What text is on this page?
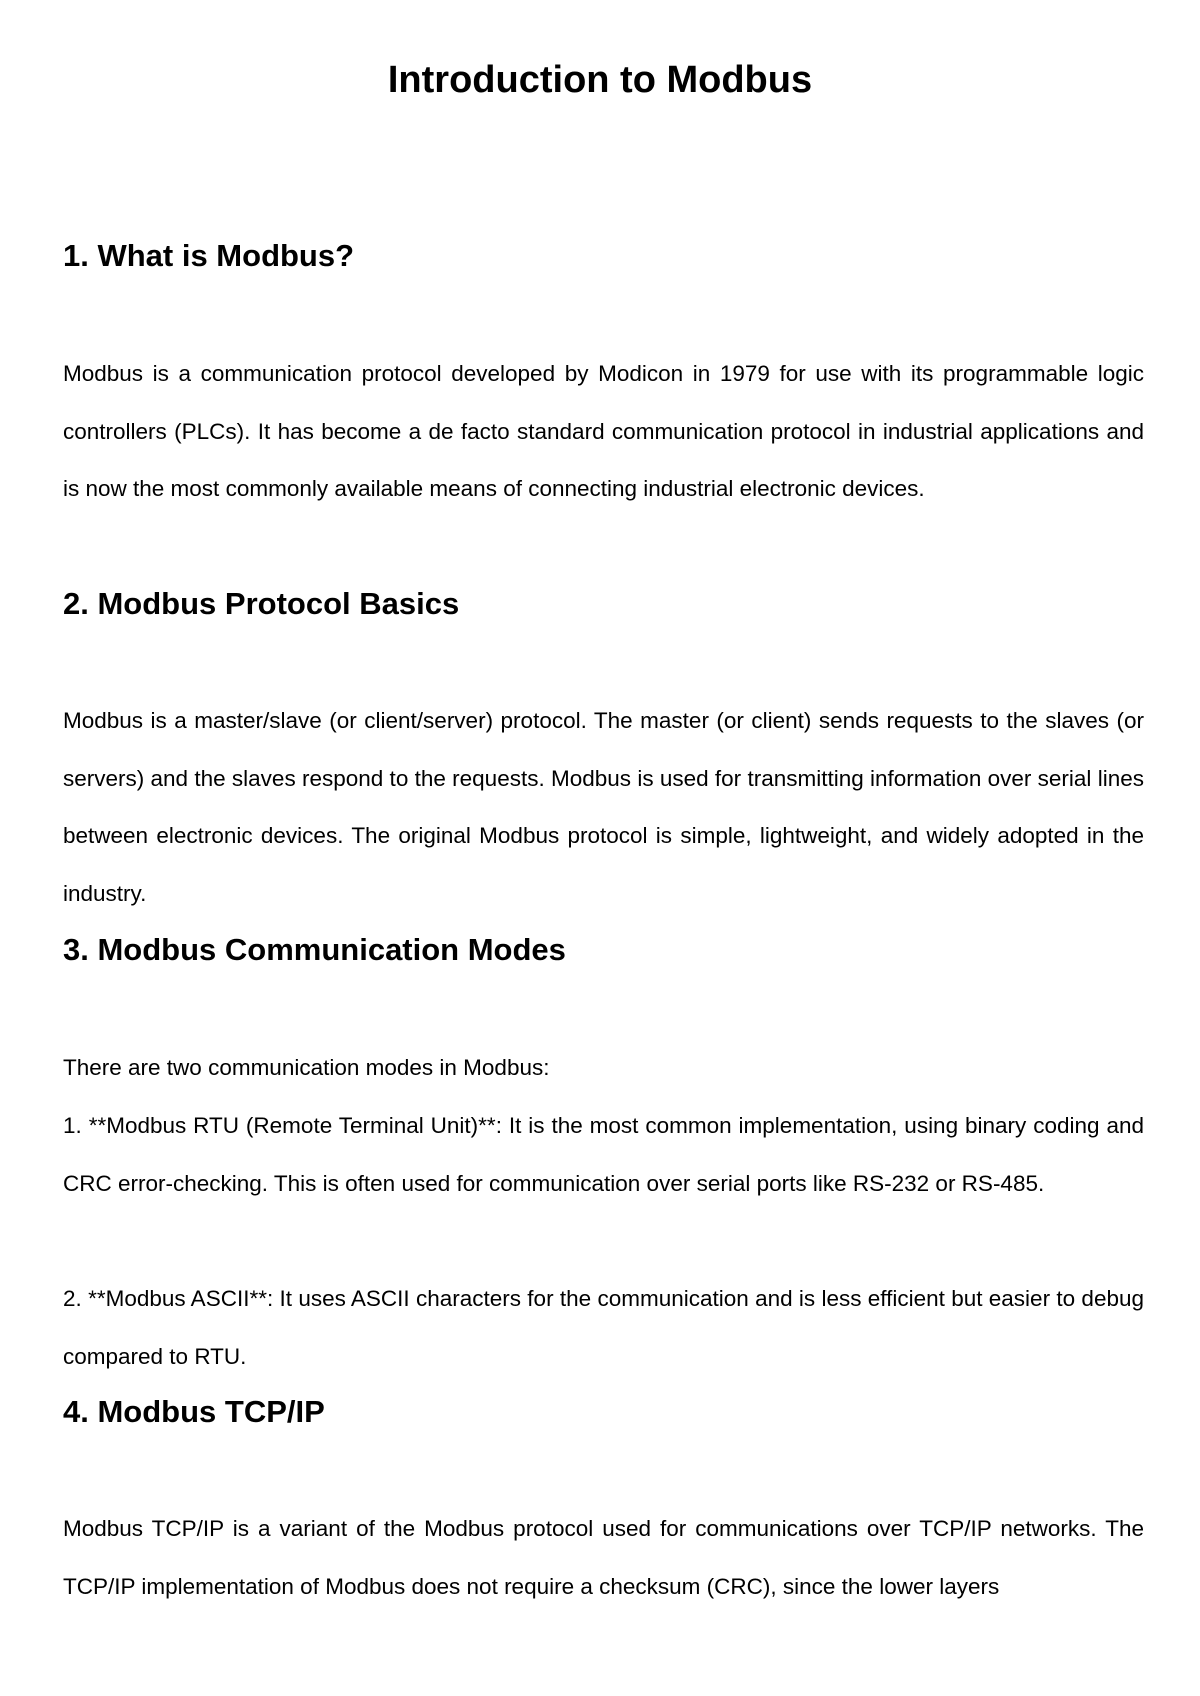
Introduction to Modbus
1. What is Modbus?

Modbus is a communication protocol developed by Modicon in 1979 for use with its programmable logic controllers (PLCs). It has become a de facto standard communication protocol in industrial applications and is now the most commonly available means of connecting industrial electronic devices.

2. Modbus Protocol Basics

Modbus is a master/slave (or client/server) protocol. The master (or client) sends requests to the slaves (or servers) and the slaves respond to the requests. Modbus is used for transmitting information over serial lines between electronic devices. The original Modbus protocol is simple, lightweight, and widely adopted in the industry.

3. Modbus Communication Modes

There are two communication modes in Modbus:

1. **Modbus RTU (Remote Terminal Unit)**: It is the most common implementation, using binary coding and CRC error-checking. This is often used for communication over serial ports like RS-232 or RS-485.

2. **Modbus ASCII**: It uses ASCII characters for the communication and is less efficient but easier to debug compared to RTU.

4. Modbus TCP/IP

Modbus TCP/IP is a variant of the Modbus protocol used for communications over TCP/IP networks. The TCP/IP implementation of Modbus does not require a checksum (CRC), since the lower layers
